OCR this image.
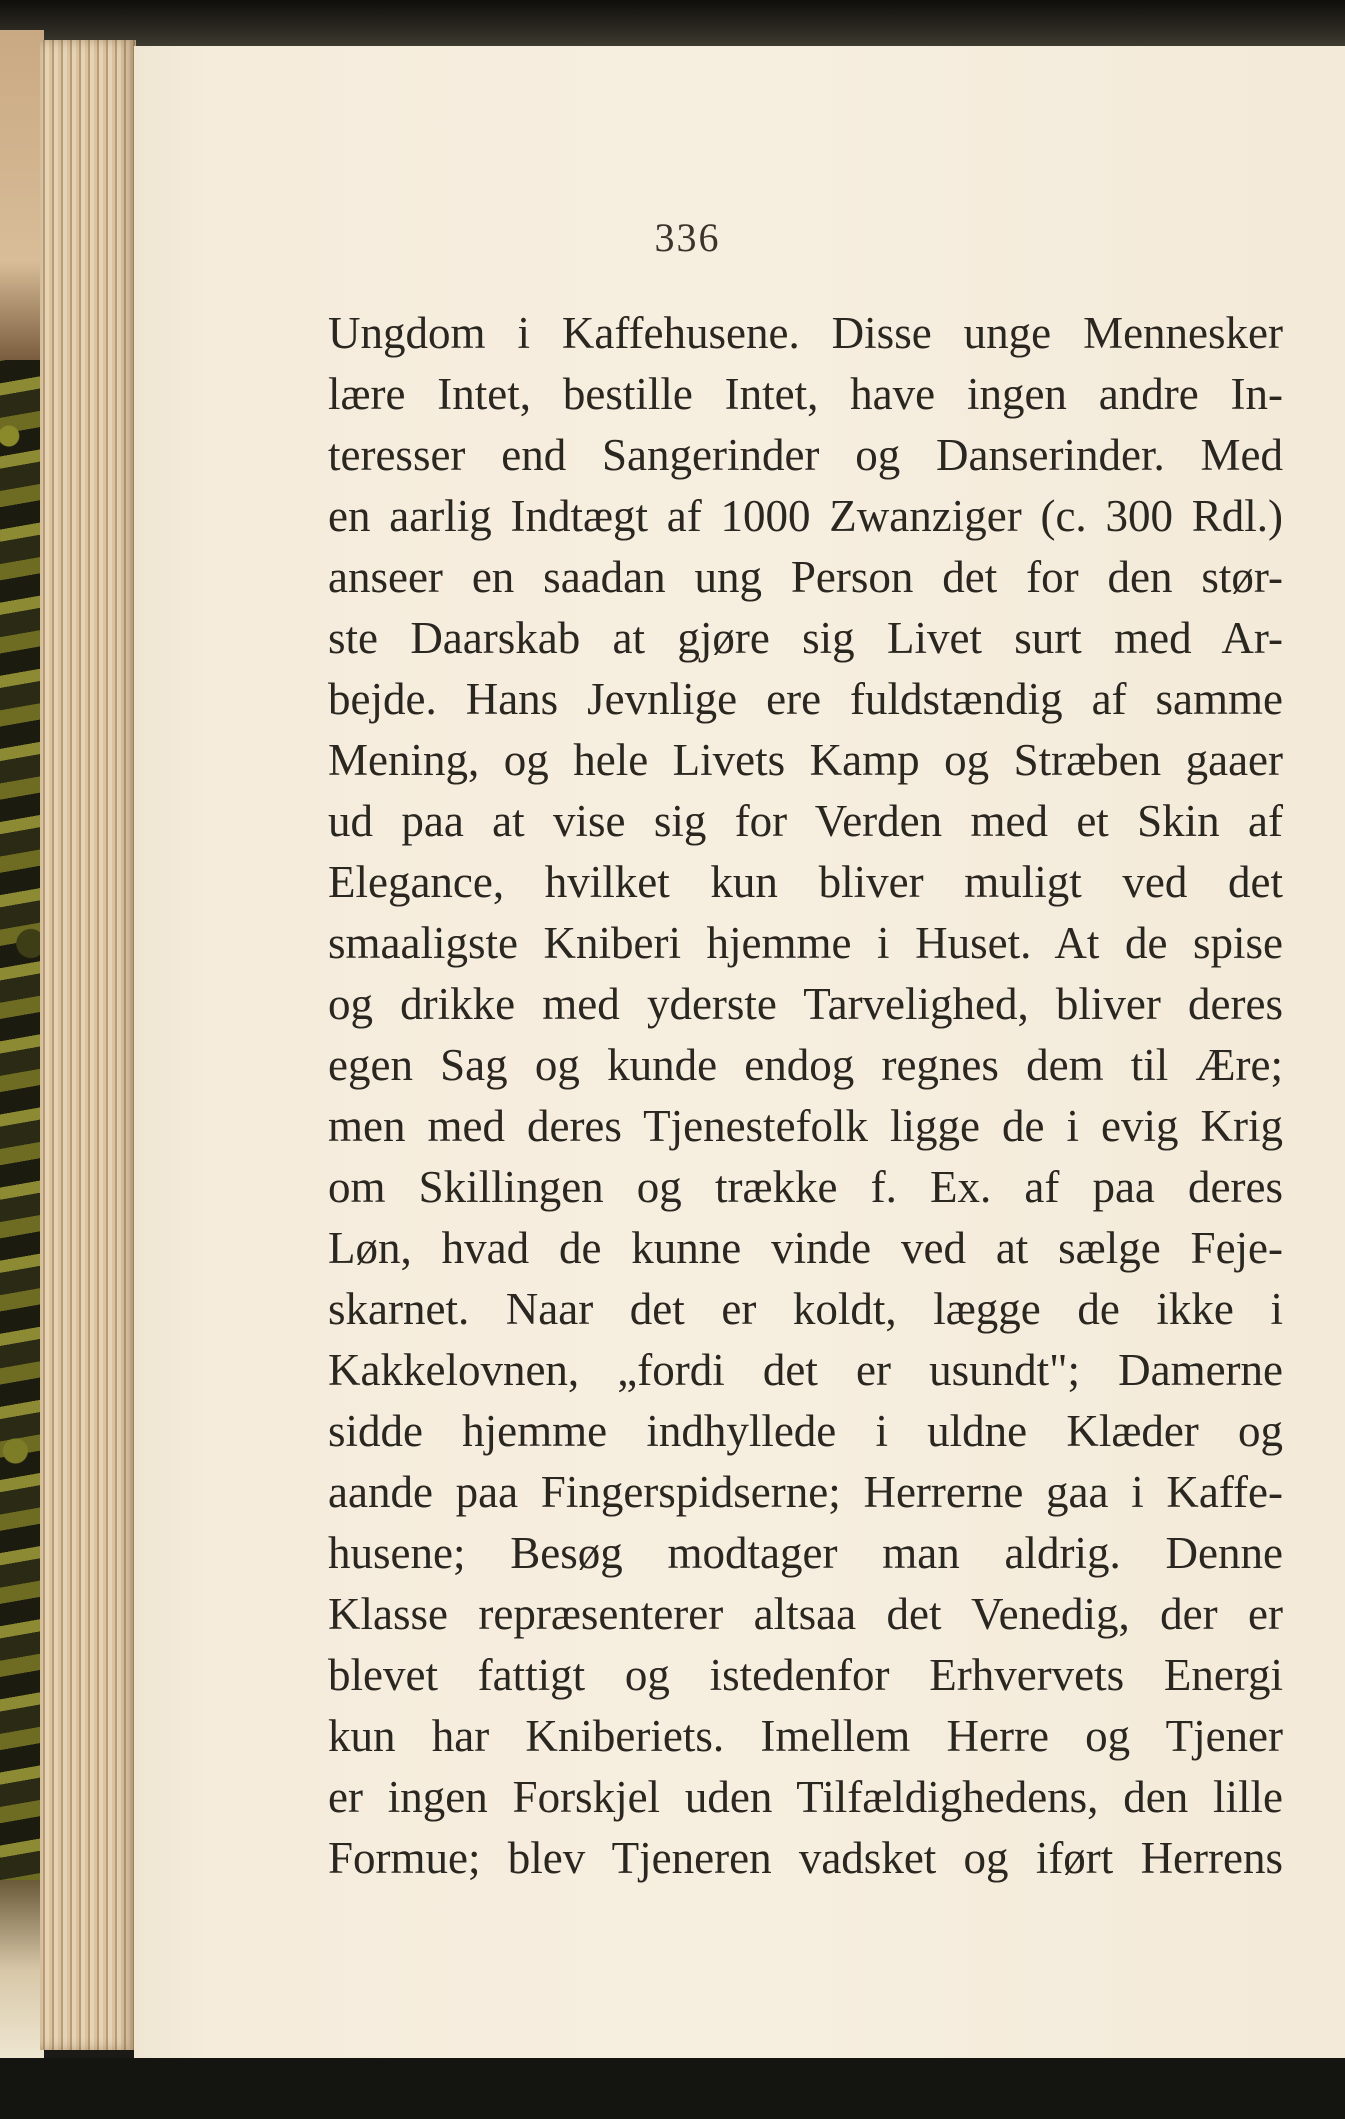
336
Ungdom i Kaffehusene. Disse unge Mennesker
lære Intet, bestille Intet, have ingen andre In-
teresser end Sangerinder og Danserinder. Med
en aarlig Indtægt af 1000 Zwanziger (c. 300 Rdl.)
anseer en saadan ung Person det for den stør-
ste Daarskab at gjøre sig Livet surt med Ar-
bejde. Hans Jevnlige ere fuldstændig af samme
Mening, og hele Livets Kamp og Stræben gaaer
ud paa at vise sig for Verden med et Skin af
Elegance, hvilket kun bliver muligt ved det
smaaligste Kniberi hjemme i Huset. At de spise
og drikke med yderste Tarvelighed, bliver deres
egen Sag og kunde endog regnes dem til Ære;
men med deres Tjenestefolk ligge de i evig Krig
om Skillingen og trække f. Ex. af paa deres
Løn, hvad de kunne vinde ved at sælge Feje-
skarnet. Naar det er koldt, lægge de ikke i
Kakkelovnen, „fordi det er usundt"; Damerne
sidde hjemme indhyllede i uldne Klæder og
aande paa Fingerspidserne; Herrerne gaa i Kaffe-
husene; Besøg modtager man aldrig. Denne
Klasse repræsenterer altsaa det Venedig, der er
blevet fattigt og istedenfor Erhvervets Energi
kun har Kniberiets. Imellem Herre og Tjener
er ingen Forskjel uden Tilfældighedens, den lille
Formue; blev Tjeneren vadsket og iført Herrens
